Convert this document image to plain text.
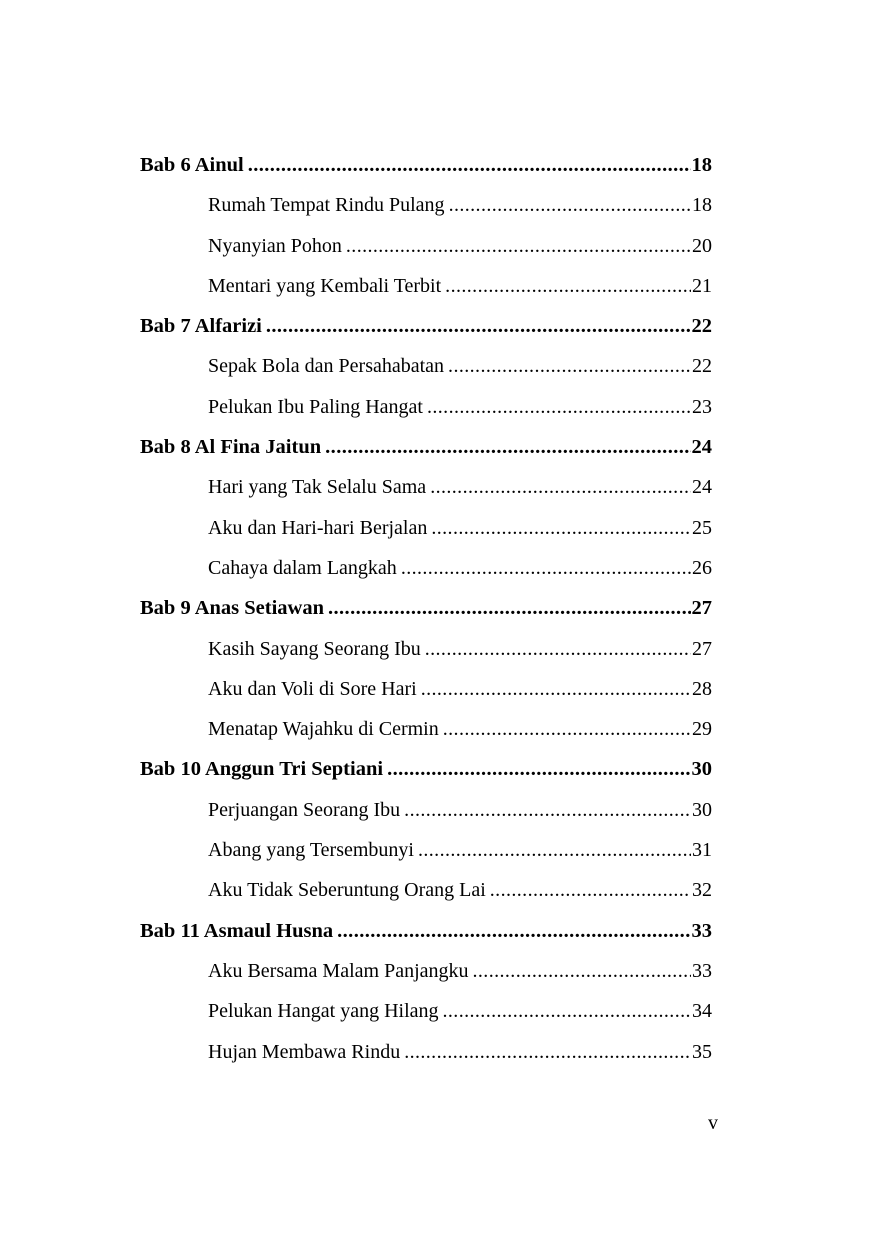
Bab 6 Ainul .....	18
Rumah Tempat Rindu Pulang .....	18
Nyanyian Pohon .....	20
Mentari yang Kembali Terbit .....	21
Bab 7 Alfarizi .....	22
Sepak Bola dan Persahabatan .....	22
Pelukan Ibu Paling Hangat .....	23
Bab 8 Al Fina Jaitun .....	24
Hari yang Tak Selalu Sama .....	24
Aku dan Hari-hari Berjalan .....	25
Cahaya dalam Langkah .....	26
Bab 9 Anas Setiawan .....	27
Kasih Sayang Seorang Ibu .....	27
Aku dan Voli di Sore Hari .....	28
Menatap Wajahku di Cermin .....	29
Bab 10 Anggun Tri Septiani .....	30
Perjuangan Seorang Ibu .....	30
Abang yang Tersembunyi .....	31
Aku Tidak Seberuntung Orang Lai .....	32
Bab 11 Asmaul Husna .....	33
Aku Bersama Malam Panjangku .....	33
Pelukan Hangat yang Hilang .....	34
Hujan Membawa Rindu .....	35
v
